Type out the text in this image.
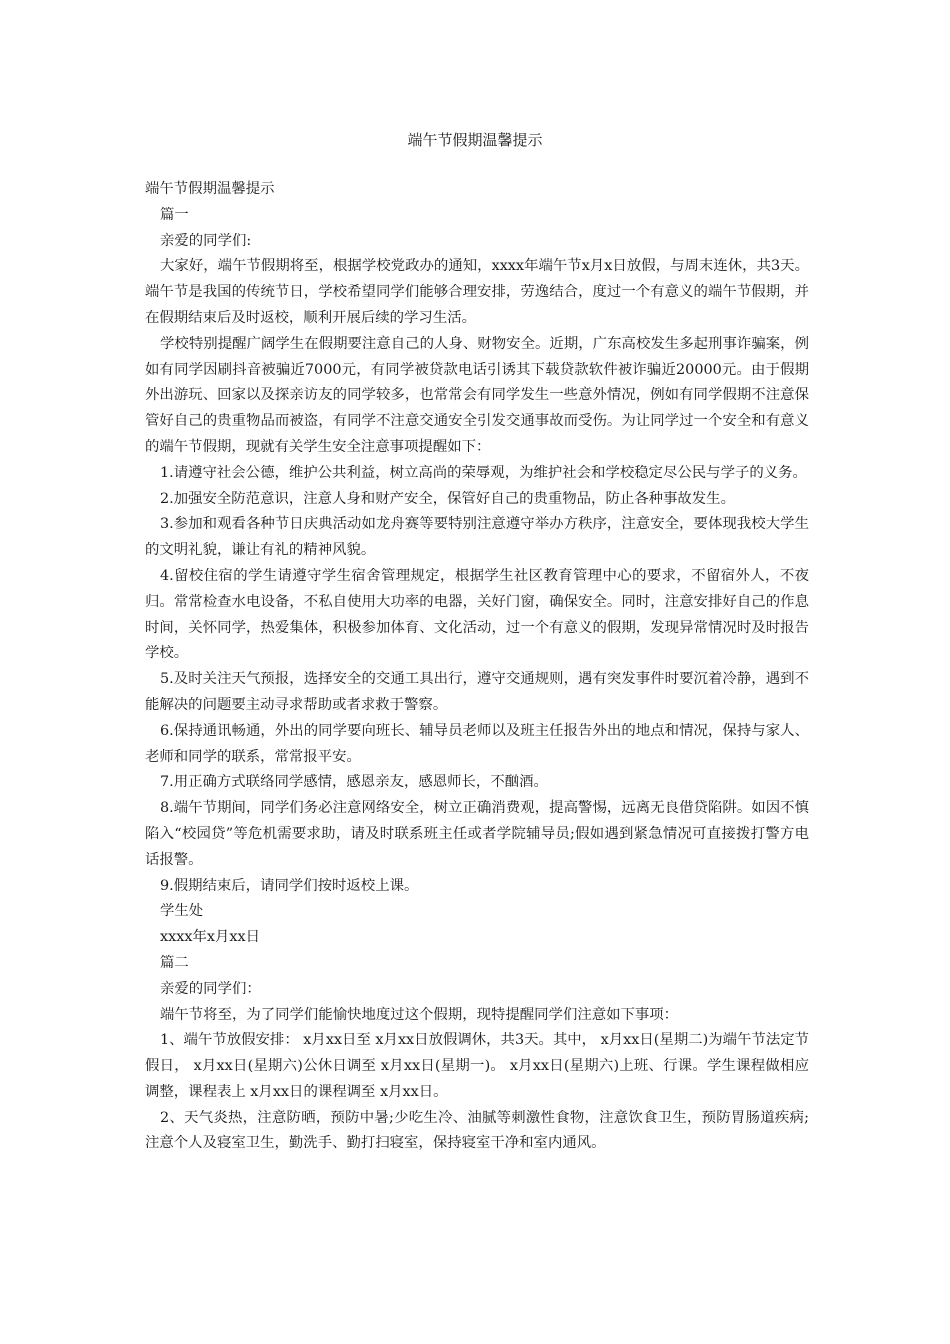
端午节假期温馨提示

端午节假期温馨提示

篇一

亲爱的同学们:

大家好，端午节假期将至，根据学校党政办的通知，xxxx年端午节x月x日放假，与周末连休，共3天。端午节是我国的传统节日，学校希望同学们能够合理安排，劳逸结合，度过一个有意义的端午节假期，并在假期结束后及时返校，顺利开展后续的学习生活。

学校特别提醒广阔学生在假期要注意自己的人身、财物安全。近期，广东高校发生多起刑事诈骗案，例如有同学因刷抖音被骗近7000元，有同学被贷款电话引诱其下载贷款软件被诈骗近20000元。由于假期外出游玩、回家以及探亲访友的同学较多，也常常会有同学发生一些意外情况，例如有同学假期不注意保管好自己的贵重物品而被盗，有同学不注意交通安全引发交通事故而受伤。为让同学过一个安全和有意义的端午节假期，现就有关学生安全注意事项提醒如下：

1.请遵守社会公德，维护公共利益，树立高尚的荣辱观，为维护社会和学校稳定尽公民与学子的义务。

2.加强安全防范意识，注意人身和财产安全，保管好自己的贵重物品，防止各种事故发生。

3.参加和观看各种节日庆典活动如龙舟赛等要特别注意遵守举办方秩序，注意安全，要体现我校大学生的文明礼貌，谦让有礼的精神风貌。

4.留校住宿的学生请遵守学生宿舍管理规定，根据学生社区教育管理中心的要求，不留宿外人，不夜归。常常检查水电设备，不私自使用大功率的电器，关好门窗，确保安全。同时，注意安排好自己的作息时间，关怀同学，热爱集体，积极参加体育、文化活动，过一个有意义的假期，发现异常情况时及时报告学校。

5.及时关注天气预报，选择安全的交通工具出行，遵守交通规则，遇有突发事件时要沉着冷静，遇到不能解决的问题要主动寻求帮助或者求救于警察。

6.保持通讯畅通，外出的同学要向班长、辅导员老师以及班主任报告外出的地点和情况，保持与家人、老师和同学的联系，常常报平安。

7.用正确方式联络同学感情，感恩亲友，感恩师长，不酗酒。

8.端午节期间，同学们务必注意网络安全，树立正确消费观，提高警惕，远离无良借贷陷阱。如因不慎陷入“校园贷”等危机需要求助，请及时联系班主任或者学院辅导员;假如遇到紧急情况可直接拨打警方电话报警。

9.假期结束后，请同学们按时返校上课。

学生处

xxxx年x月xx日

篇二

亲爱的同学们：

端午节将至，为了同学们能愉快地度过这个假期，现特提醒同学们注意如下事项：

1、端午节放假安排： x月xx日至 x月xx日放假调休，共3天。其中， x月xx日(星期二)为端午节法定节假日， x月xx日(星期六)公休日调至 x月xx日(星期一)。 x月xx日(星期六)上班、行课。学生课程做相应调整，课程表上 x月xx日的课程调至 x月xx日。

2、天气炎热，注意防晒，预防中暑;少吃生冷、油腻等刺激性食物，注意饮食卫生，预防胃肠道疾病;注意个人及寝室卫生，勤洗手、勤打扫寝室，保持寝室干净和室内通风。
